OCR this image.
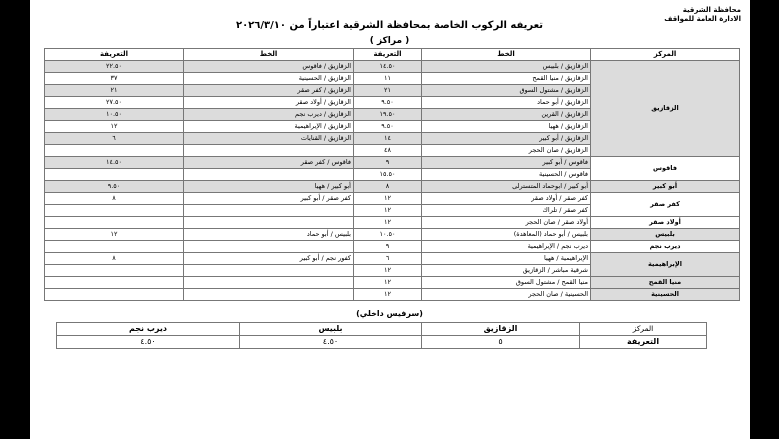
محافظة الشرقية
الادارة العامة للمواقف
تعريفه الركوب الخاصة بمحافظة الشرقية اعتباراً من ٢٠٢٦/٣/١٠
( مراكز )
المركز	الخط	التعريفة	الخط	التعريفة
الزقازيق	الزقازيق / بلبيس	١٤.٥٠	الزقازيق / فاقوس	٢٢.٥٠
	الزقازيق / منيا القمح	١١	الزقازيق / الحسينية	٣٧
	الزقازيق / مشتول السوق	٢١	الزقازيق / كفر صقر	٢١
	الزقازيق / أبو حماد	٩.٥٠	الزقازيق / أولاد صقر	٢٧.٥٠
	الزقازيق / القرين	١٩.٥٠	الزقازيق / ديرب نجم	١٠.٥٠
	الزقازيق / ههيا	٩.٥٠	الزقازيق / الإبراهيمية	١٢
	الزقازيق / أبو كبير	١٤	الزقازيق / القنايات	٦
	الزقازيق / صان الحجر	٤٨		
فاقوس	فاقوس / أبو كبير	٩	فاقوس / كفر صقر	١٤.٥٠
	فاقوس / الحسينية	١٥.٥٠		
أبو كبير	أبو كبير / ابوحماد المتسترلى	٨	أبو كبير / ههيا	٩.٥٠
كفر صقر	كفر صقر / أولاد صقر	١٢	كفر صقر / أبو كبير	٨
	كفر صقر / تلراك	١٢		
أولاد صقر	أولاد صقر / صان الحجر	١٢		
بلبيس	بلبيس / أبو حماد (المعاهدة)	١٠.٥٠	بلبيس / أبو حماد	١٢
ديرب نجم	ديرب نجم / الإبراهيمية	٩		
الإبراهيمية	الإبراهيمية / ههيا	٦	كفور نجم / أبو كبير	٨
	شرقية مباشر / الزقازيق	١٢		
منيا القمح	منيا القمح / مشتول السوق	١٢		
الحسينية	الحسينية / صان الحجر	١٢		
(سرفيس داخلي)
المركز	الزقازيق	بلبيس	ديرب نجم
التعريفة	٥	٤.٥٠	٤.٥٠
